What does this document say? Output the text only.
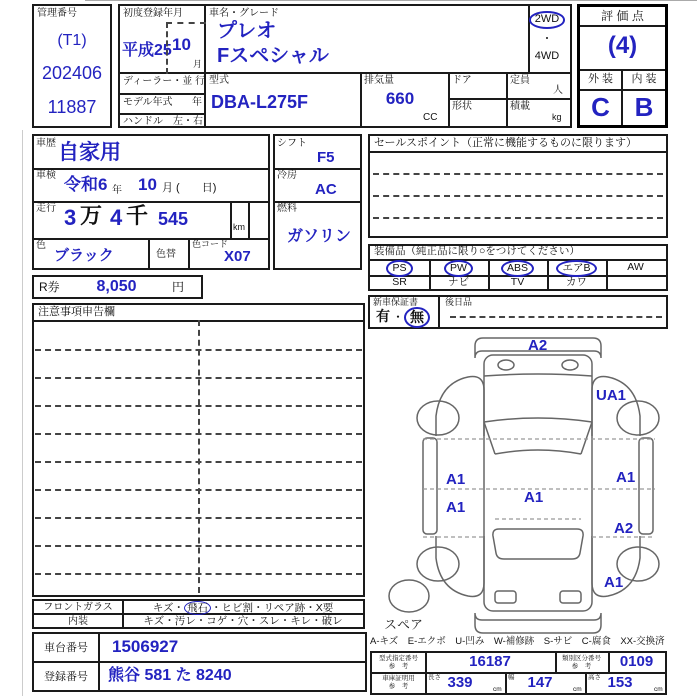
管理番号
(T1)
202406
11887
初度登録年月
平成25 10
月
ディーラー・並 行
モデル年式 年
ハンドル　左・右
車名・グレード
プレオ
Fスペシャル
2WD
・
4WD
型式
DBA-L275F
排気量
660
CC
ドア
形状
定員
人
積載
kg
評 価 点
(4)
外 装	内 装
C B
車歴 自家用
車検 令和6 年 10 月 (　　日)
走行 3 万 4 千 545	km
色
ブラック	色替
色コード
X07
シフト
F5
冷房
AC
燃料
ガソリン
セールスポイント（正常に機能するものに限ります）
装備品（純正品に限り○をつけてください）
PS	PW	ABS	エアB	AW
SR	ナビ	TV	カワ
新車保証書
有 ・ 無
後日品
R券	8,050	円
注意事項申告欄
フロントガラス	キズ・ 飛石 ・ヒビ割・リペア跡・X要
内装	キズ・汚レ・コゲ・穴・スレ・キレ・破レ
車台番号	1506927
登録番号	熊谷 581 た 8240
A-キズ　E-エクボ　U-凹み　W-補修跡　S-サビ　C-腐食　XX-交換済
型式指定番号
参　考	16187	類別区分番号
参　考	0109
車庫証明用
参　考
長さ 339	cm
幅 147	cm
高さ 153	cm
A2
UA1
A1
A1
A1
A1
A2
A1
スペア
